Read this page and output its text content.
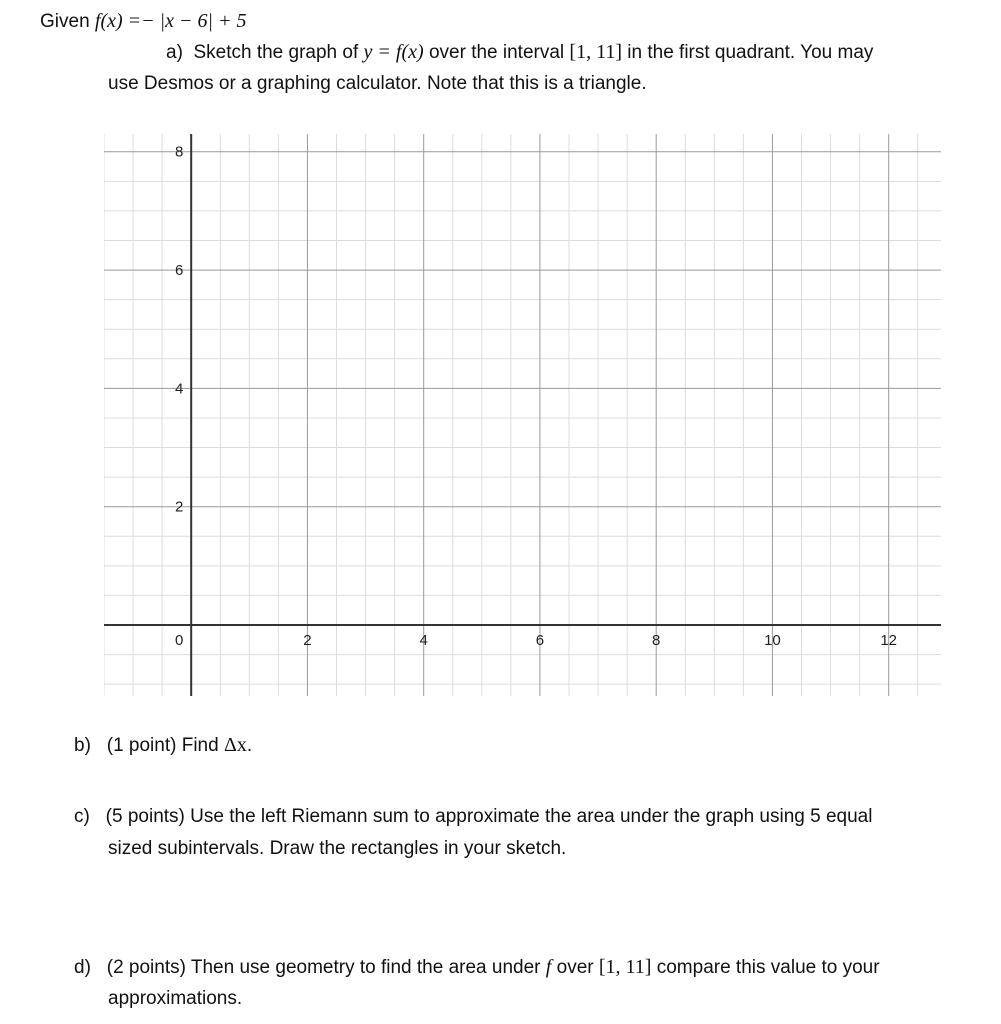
Given f(x) =− |x − 6| + 5
a) Sketch the graph of y = f(x) over the interval [1, 11] in the first quadrant. You may
use Desmos or a graphing calculator. Note that this is a triangle.
0	2	4	6	8	10	12
2
4
6
8
b) (1 point) Find Δx.
c) (5 points) Use the left Riemann sum to approximate the area under the graph using 5 equal
sized subintervals. Draw the rectangles in your sketch.
d) (2 points) Then use geometry to find the area under f over [1, 11] compare this value to your
approximations.
